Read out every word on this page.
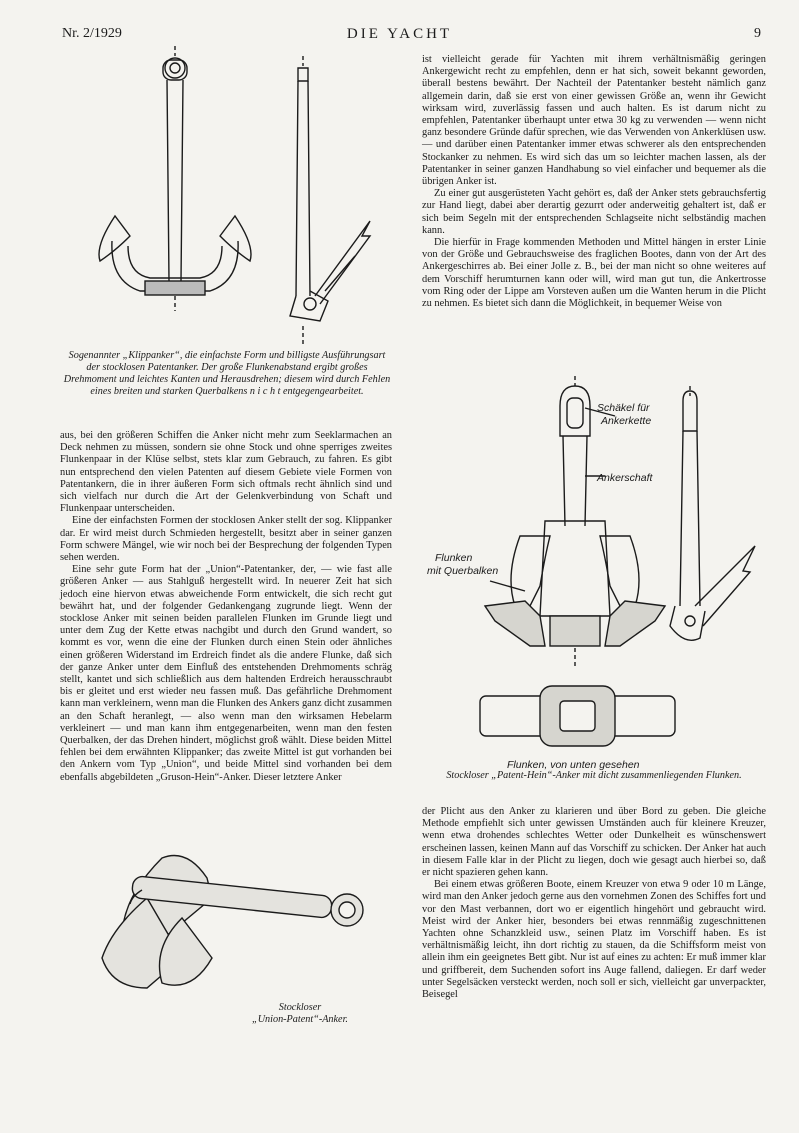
Nr. 2/1929	DIE YACHT	9
Sogenannter „Klippanker“, die einfachste Form und billigste Ausführungsart der stocklosen Patentanker. Der große Flunkenabstand ergibt großes Drehmoment und leichtes Kanten und Herausdrehen; diesem wird durch Fehlen eines breiten und starken Querbalkens n i c h t entgegengearbeitet.

aus, bei den größeren Schiffen die Anker nicht mehr zum Seeklarmachen an Deck nehmen zu müssen, sondern sie ohne Stock und ohne sperriges zweites Flunkenpaar in der Klüse selbst, stets klar zum Gebrauch, zu fahren. Es gibt nun entsprechend den vielen Patenten auf diesem Gebiete viele Formen von Patentankern, die in ihrer äußeren Form sich oftmals recht ähnlich sind und sich vielfach nur durch die Art der Gelenkverbindung von Schaft und Flunkenpaar unterscheiden.

Eine der einfachsten Formen der stocklosen Anker stellt der sog. Klippanker dar. Er wird meist durch Schmieden hergestellt, besitzt aber in seiner ganzen Form schwere Mängel, wie wir noch bei der Besprechung der folgenden Typen sehen werden.

Eine sehr gute Form hat der „Union“-Patentanker, der, — wie fast alle größeren Anker — aus Stahlguß hergestellt wird. In neuerer Zeit hat sich jedoch eine hiervon etwas abweichende Form entwickelt, die sich recht gut bewährt hat, und der folgender Gedankengang zugrunde liegt. Wenn der stocklose Anker mit seinen beiden parallelen Flunken im Grunde liegt und unter dem Zug der Kette etwas nachgibt und durch den Grund wandert, so kommt es vor, wenn die eine der Flunken durch einen Stein oder ähnliches einen größeren Widerstand im Erdreich findet als die andere Flunke, daß sich der ganze Anker unter dem Einfluß des entstehenden Drehmoments schräg stellt, kantet und sich schließlich aus dem haltenden Erdreich herausschraubt bis er gleitet und erst wieder neu fassen muß. Das gefährliche Drehmoment kann man verkleinern, wenn man die Flunken des Ankers ganz dicht zusammen an den Schaft heranlegt, — also wenn man den wirksamen Hebelarm verkleinert — und man kann ihm entgegenarbeiten, wenn man den festen Querbalken, der das Drehen hindert, möglichst groß wählt. Diese beiden Mittel fehlen bei dem erwähnten Klippanker; das zweite Mittel ist gut vorhanden bei den Ankern vom Typ „Union“, und beide Mittel sind vorhanden bei dem ebenfalls abgebildeten „Gruson-Hein“-Anker. Dieser letztere Anker

Stockloser
„Union-Patent“-Anker.

ist vielleicht gerade für Yachten mit ihrem verhältnismäßig geringen Ankergewicht recht zu empfehlen, denn er hat sich, soweit bekannt geworden, überall bestens bewährt. Der Nachteil der Patentanker besteht nämlich ganz allgemein darin, daß sie erst von einer gewissen Größe an, wenn ihr Gewicht wirksam wird, zuverlässig fassen und auch halten. Es ist darum nicht zu empfehlen, Patentanker überhaupt unter etwa 30 kg zu verwenden — wenn nicht ganz besondere Gründe dafür sprechen, wie das Verwenden von Ankerklüsen usw. — und darüber einen Patentanker immer etwas schwerer als den entsprechenden Stockanker zu nehmen. Es wird sich das um so leichter machen lassen, als der Patentanker in seiner ganzen Handhabung so viel einfacher und bequemer als die übrigen Anker ist.

Zu einer gut ausgerüsteten Yacht gehört es, daß der Anker stets gebrauchsfertig zur Hand liegt, dabei aber derartig gezurrt oder anderweitig gehaltert ist, daß er sich beim Segeln mit der entsprechenden Schlagseite nicht selbständig machen kann.

Die hierfür in Frage kommenden Methoden und Mittel hängen in erster Linie von der Größe und Gebrauchsweise des fraglichen Bootes, dann von der Art des Ankergeschirres ab. Bei einer Jolle z. B., bei der man nicht so ohne weiteres auf dem Vorschiff herumturnen kann oder will, wird man gut tun, die Ankertrosse vom Ring oder der Lippe am Vorsteven außen um die Wanten herum in die Plicht zu nehmen. Es bietet sich dann die Möglichkeit, in bequemer Weise von

Schäkel für
Ankerkette
Ankerschaft
Flunken
mit Querbalken
Flunken, von unten gesehen
Stockloser „Patent-Hein“-Anker mit dicht zusammenliegenden Flunken.

der Plicht aus den Anker zu klarieren und über Bord zu geben. Die gleiche Methode empfiehlt sich unter gewissen Umständen auch für kleinere Kreuzer, wenn etwa drohendes schlechtes Wetter oder Dunkelheit es wünschenswert erscheinen lassen, keinen Mann auf das Vorschiff zu schicken. Der Anker hat auch in diesem Falle klar in der Plicht zu liegen, doch wie gesagt auch hierbei so, daß er nicht spazieren gehen kann.

Bei einem etwas größeren Boote, einem Kreuzer von etwa 9 oder 10 m Länge, wird man den Anker jedoch gerne aus den vornehmen Zonen des Schiffes fort und vor den Mast verbannen, dort wo er eigentlich hingehört und gebraucht wird. Meist wird der Anker hier, besonders bei etwas rennmäßig zugeschnittenen Yachten ohne Schanzkleid usw., seinen Platz im Vorschiff haben. Es ist verhältnismäßig leicht, ihn dort richtig zu stauen, da die Schiffsform meist von allein ihm ein geeignetes Bett gibt. Nur ist auf eines zu achten: Er muß immer klar und griffbereit, dem Suchenden sofort ins Auge fallend, daliegen. Er darf weder unter Segelsäcken versteckt werden, noch soll er sich, vielleicht gar unverpackter, Beisegel
